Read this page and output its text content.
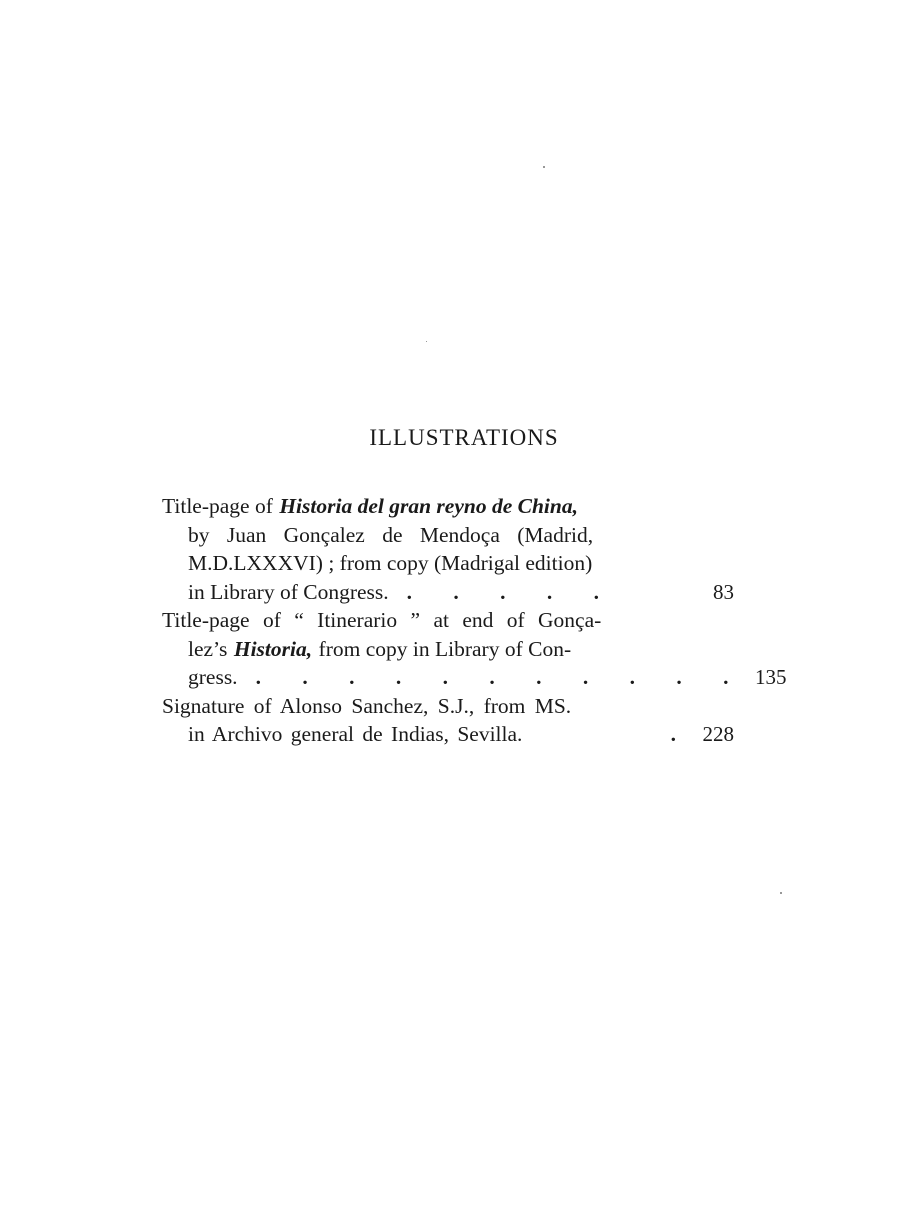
ILLUSTRATIONS
Title-page of Historia del gran reyno de China,
by Juan Gonçalez de Mendoça (Madrid,
M.D.LXXXVI) ; from copy (Madrigal edition)
in Library of Congress. . . . . .	83
Title-page of “ Itinerario ” at end of Gonça-
lez’s Historia, from copy in Library of Con-
gress. . . . . . . . . . . . 135
Signature of Alonso Sanchez, S.J., from MS.
in Archivo general de Indias, Sevilla.	. 228
